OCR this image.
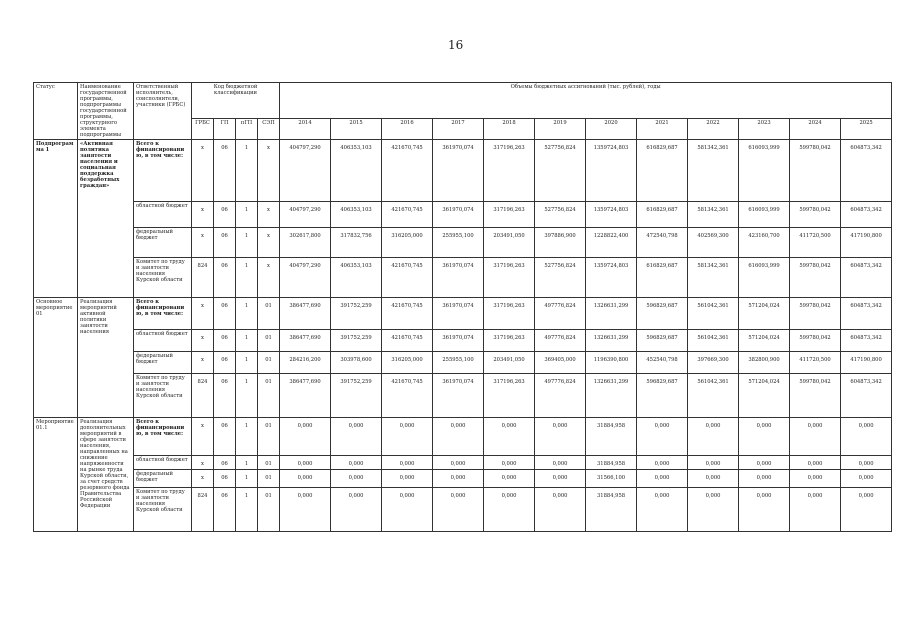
16
Статус	Наименование государственной программы, подпрограммы государственной программы, структурного элемента подпрограммы	Ответственный исполнитель, соисполнители, участники (ГРБС)	Код бюджетной классификации				Объемы бюджетных ассигнований (тыс. рублей), годы											
			ГРБС	ГП	пГП	СЭП	2014	2015	2016	2017	2018	2019	2020	2021	2022	2023	2024	2025
Подпрограмма 1	«Активная политика занятости населения и социальная поддержка безработных граждан»	Всего к финансированию, в том числе:	х	06	1	х	404797,290	406353,103	421670,745	361970,074	317196,263	527756,824	1359724,803	616829,687	581342,361	616093,999	599780,042	604873,342
		областной бюджет	х	06	1	х	404797,290	406353,103	421670,745	361970,074	317196,263	527756,824	1359724,803	616829,687	581342,361	616093,999	599780,042	604873,342
		федеральный бюджет	х	06	1	х	302617,800	317832,756	316205,000	255955,100	203491,050	397886,900	1228822,400	472540,798	402569,300	423160,700	411720,500	417190,800
		Комитет по труду и занятости населения Курской области	824	06	1	х	404797,290	406353,103	421670,745	361970,074	317196,263	527756,824	1359724,803	616829,687	581342,361	616093,999	599780,042	604873,342
Основное мероприятие 01	Реализация мероприятий активной политики занятости населения	Всего к финансированию, в том числе:	х	06	1	01	386477,690	391752,259	421670,745	361970,074	317196,263	497776,824	1326631,299	596829,687	561042,361	571204,024	599780,042	604873,342
		областной бюджет	х	06	1	01	386477,690	391752,259	421670,745	361970,074	317196,263	497776,824	1326631,299	596829,687	561042,361	571204,024	599780,042	604873,342
		федеральный бюджет	х	06	1	01	284216,200	303978,600	316205,000	255955,100	203491,050	369405,000	1196390,800	452540,798	397669,300	382800,900	411720,500	417190,800
		Комитет по труду и занятости населения Курской области	824	06	1	01	386477,690	391752,259	421670,745	361970,074	317196,263	497776,824	1326631,299	596829,687	561042,361	571204,024	599780,042	604873,342
Мероприятие 01.1	Реализация дополнительных мероприятий в сфере занятости населения, направленных на снижение напряженности на рынке труда Курской области, за счет средств резервного фонда Правительства Российской Федерации	Всего к финансированию, в том числе:	х	06	1	01	0,000	0,000	0,000	0,000	0,000	0,000	31884,958	0,000	0,000	0,000	0,000	0,000
		областной бюджет	х	06	1	01	0,000	0,000	0,000	0,000	0,000	0,000	31884,958	0,000	0,000	0,000	0,000	0,000
		федеральный бюджет	х	06	1	01	0,000	0,000	0,000	0,000	0,000	0,000	31566,100	0,000	0,000	0,000	0,000	0,000
		Комитет по труду и занятости населения Курской области	824	06	1	01	0,000	0,000	0,000	0,000	0,000	0,000	31884,958	0,000	0,000	0,000	0,000	0,000
